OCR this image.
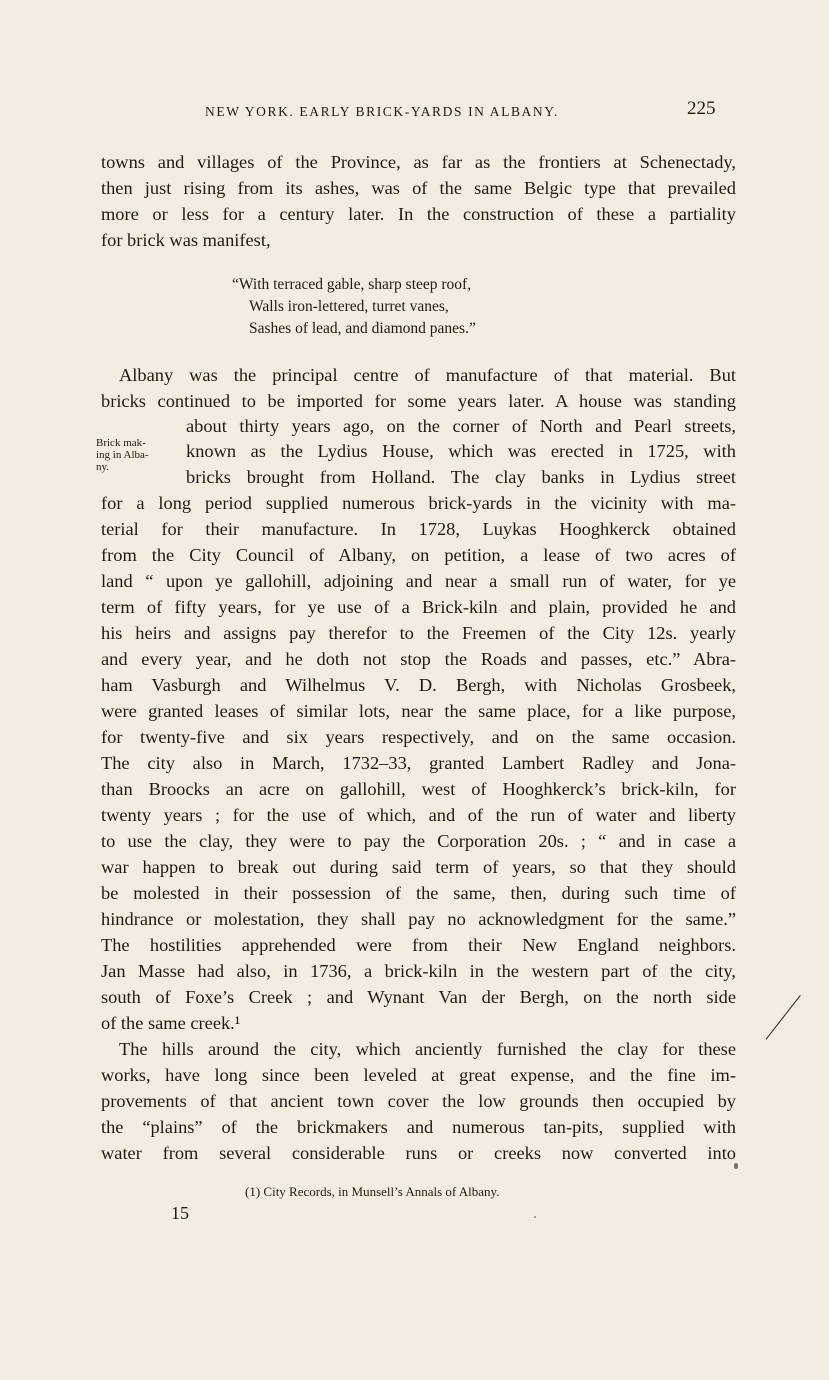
NEW YORK. EARLY BRICK-YARDS IN ALBANY.	225
towns and villages of the Province, as far as the frontiers at Schenectady,
then just rising from its ashes, was of the same Belgic type that prevailed
more or less for a century later. In the construction of these a partiality
for brick was manifest,
“With terraced gable, sharp steep roof,
Walls iron-lettered, turret vanes,
Sashes of lead, and diamond panes.”
Albany was the principal centre of manufacture of that material. But
bricks continued to be imported for some years later. A house was standing
about thirty years ago, on the corner of North and Pearl streets,
known as the Lydius House, which was erected in 1725, with
bricks brought from Holland. The clay banks in Lydius street
Brick mak-
ing in Alba-
ny.
for a long period supplied numerous brick-yards in the vicinity with ma-
terial for their manufacture. In 1728, Luykas Hooghkerck obtained
from the City Council of Albany, on petition, a lease of two acres of
land “ upon ye gallohill, adjoining and near a small run of water, for ye
term of fifty years, for ye use of a Brick-kiln and plain, provided he and
his heirs and assigns pay therefor to the Freemen of the City 12s. yearly
and every year, and he doth not stop the Roads and passes, etc.” Abra-
ham Vasburgh and Wilhelmus V. D. Bergh, with Nicholas Grosbeek,
were granted leases of similar lots, near the same place, for a like purpose,
for twenty-five and six years respectively, and on the same occasion.
The city also in March, 1732–33, granted Lambert Radley and Jona-
than Broocks an acre on gallohill, west of Hooghkerck’s brick-kiln, for
twenty years ; for the use of which, and of the run of water and liberty
to use the clay, they were to pay the Corporation 20s. ; “ and in case a
war happen to break out during said term of years, so that they should
be molested in their possession of the same, then, during such time of
hindrance or molestation, they shall pay no acknowledgment for the same.”
The hostilities apprehended were from their New England neighbors.
Jan Masse had also, in 1736, a brick-kiln in the western part of the city,
south of Foxe’s Creek ; and Wynant Van der Bergh, on the north side
of the same creek.¹
The hills around the city, which anciently furnished the clay for these
works, have long since been leveled at great expense, and the fine im-
provements of that ancient town cover the low grounds then occupied by
the “plains” of the brickmakers and numerous tan-pits, supplied with
water from several considerable runs or creeks now converted into
(1) City Records, in Munsell’s Annals of Albany.
15
